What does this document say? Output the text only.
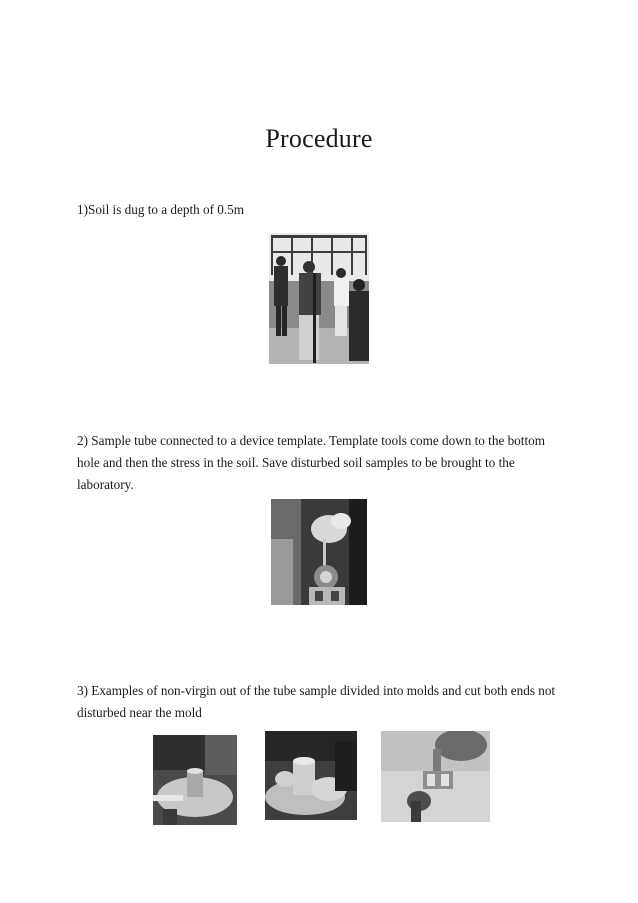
Procedure
1)Soil is dug to a depth of 0.5m
2) Sample tube connected to a device template. Template tools come down to the bottom hole and then the stress in the soil. Save disturbed soil samples to be brought to the laboratory.
3) Examples of non-virgin out of the tube sample divided into molds and cut both ends not disturbed near the mold
